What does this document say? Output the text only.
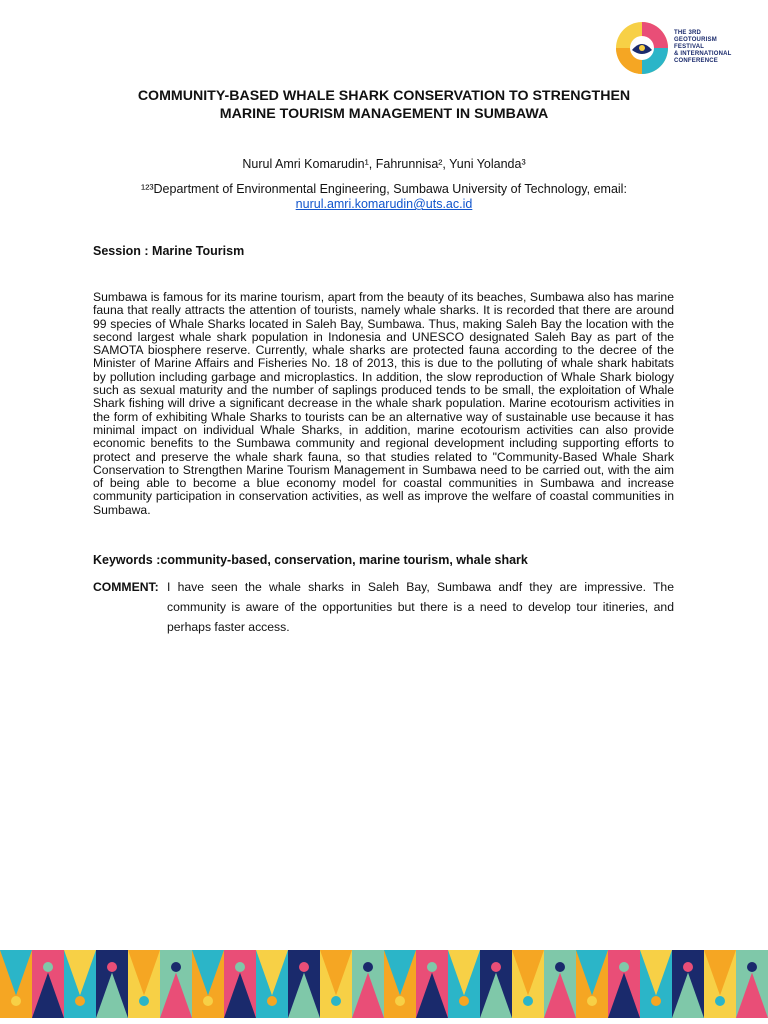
THE 3RD
GEOTOURISM
FESTIVAL
& INTERNATIONAL
CONFERENCE
COMMUNITY-BASED WHALE SHARK CONSERVATION TO STRENGTHEN
MARINE TOURISM MANAGEMENT IN SUMBAWA
Nurul Amri Komarudin¹, Fahrunnisa², Yuni Yolanda³
¹²³Department of Environmental Engineering, Sumbawa University of Technology, email:
nurul.amri.komarudin@uts.ac.id
Session : Marine Tourism
Sumbawa is famous for its marine tourism, apart from the beauty of its beaches, Sumbawa also has marine fauna that really attracts the attention of tourists, namely whale sharks. It is recorded that there are around 99 species of Whale Sharks located in Saleh Bay, Sumbawa. Thus, making Saleh Bay the location with the second largest whale shark population in Indonesia and UNESCO designated Saleh Bay as part of the SAMOTA biosphere reserve. Currently, whale sharks are protected fauna according to the decree of the Minister of Marine Affairs and Fisheries No. 18 of 2013, this is due to the polluting of whale shark habitats by pollution including garbage and microplastics. In addition, the slow reproduction of Whale Shark biology such as sexual maturity and the number of saplings produced tends to be small, the exploitation of Whale Shark fishing will drive a significant decrease in the whale shark population. Marine ecotourism activities in the form of exhibiting Whale Sharks to tourists can be an alternative way of sustainable use because it has minimal impact on individual Whale Sharks, in addition, marine ecotourism activities can also provide economic benefits to the Sumbawa community and regional development including supporting efforts to protect and preserve the whale shark fauna, so that studies related to "Community-Based Whale Shark Conservation to Strengthen Marine Tourism Management in Sumbawa need to be carried out, with the aim of being able to become a blue economy model for coastal communities in Sumbawa and increase community participation in conservation activities, as well as improve the welfare of coastal communities in Sumbawa.
Keywords :community-based, conservation, marine tourism, whale shark
COMMENT: I have seen the whale sharks in Saleh Bay, Sumbawa andf they are impressive. The community is aware of the opportunities but there is a need to develop tour itineries, and perhaps faster access.
